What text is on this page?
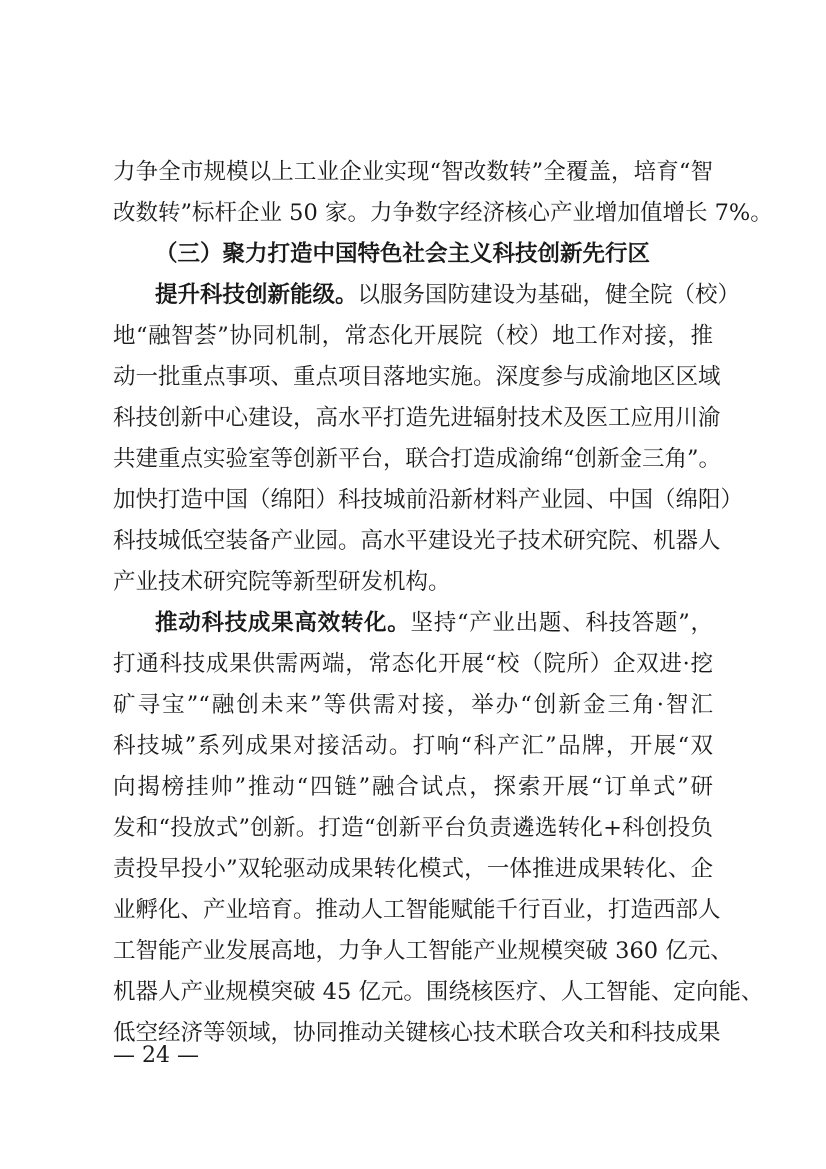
力争全市规模以上工业企业实现“智改数转”全覆盖，培育“智
改数转”标杆企业 50 家。力争数字经济核心产业增加值增长 7%。
（三）聚力打造中国特色社会主义科技创新先行区
提升科技创新能级。以服务国防建设为基础，健全院（校）
地“融智荟”协同机制，常态化开展院（校）地工作对接，推
动一批重点事项、重点项目落地实施。深度参与成渝地区区域
科技创新中心建设，高水平打造先进辐射技术及医工应用川渝
共建重点实验室等创新平台，联合打造成渝绵“创新金三角”。
加快打造中国（绵阳）科技城前沿新材料产业园、中国（绵阳）
科技城低空装备产业园。高水平建设光子技术研究院、机器人
产业技术研究院等新型研发机构。
推动科技成果高效转化。坚持“产业出题、科技答题”，
打通科技成果供需两端，常态化开展“校（院所）企双进·挖
矿寻宝”“融创未来”等供需对接，举办“创新金三角·智汇
科技城”系列成果对接活动。打响“科产汇”品牌，开展“双
向揭榜挂帅”推动“四链”融合试点，探索开展“订单式”研
发和“投放式”创新。打造“创新平台负责遴选转化+科创投负
责投早投小”双轮驱动成果转化模式，一体推进成果转化、企
业孵化、产业培育。推动人工智能赋能千行百业，打造西部人
工智能产业发展高地，力争人工智能产业规模突破 360 亿元、
机器人产业规模突破 45 亿元。围绕核医疗、人工智能、定向能、
低空经济等领域，协同推动关键核心技术联合攻关和科技成果
— 24 —
